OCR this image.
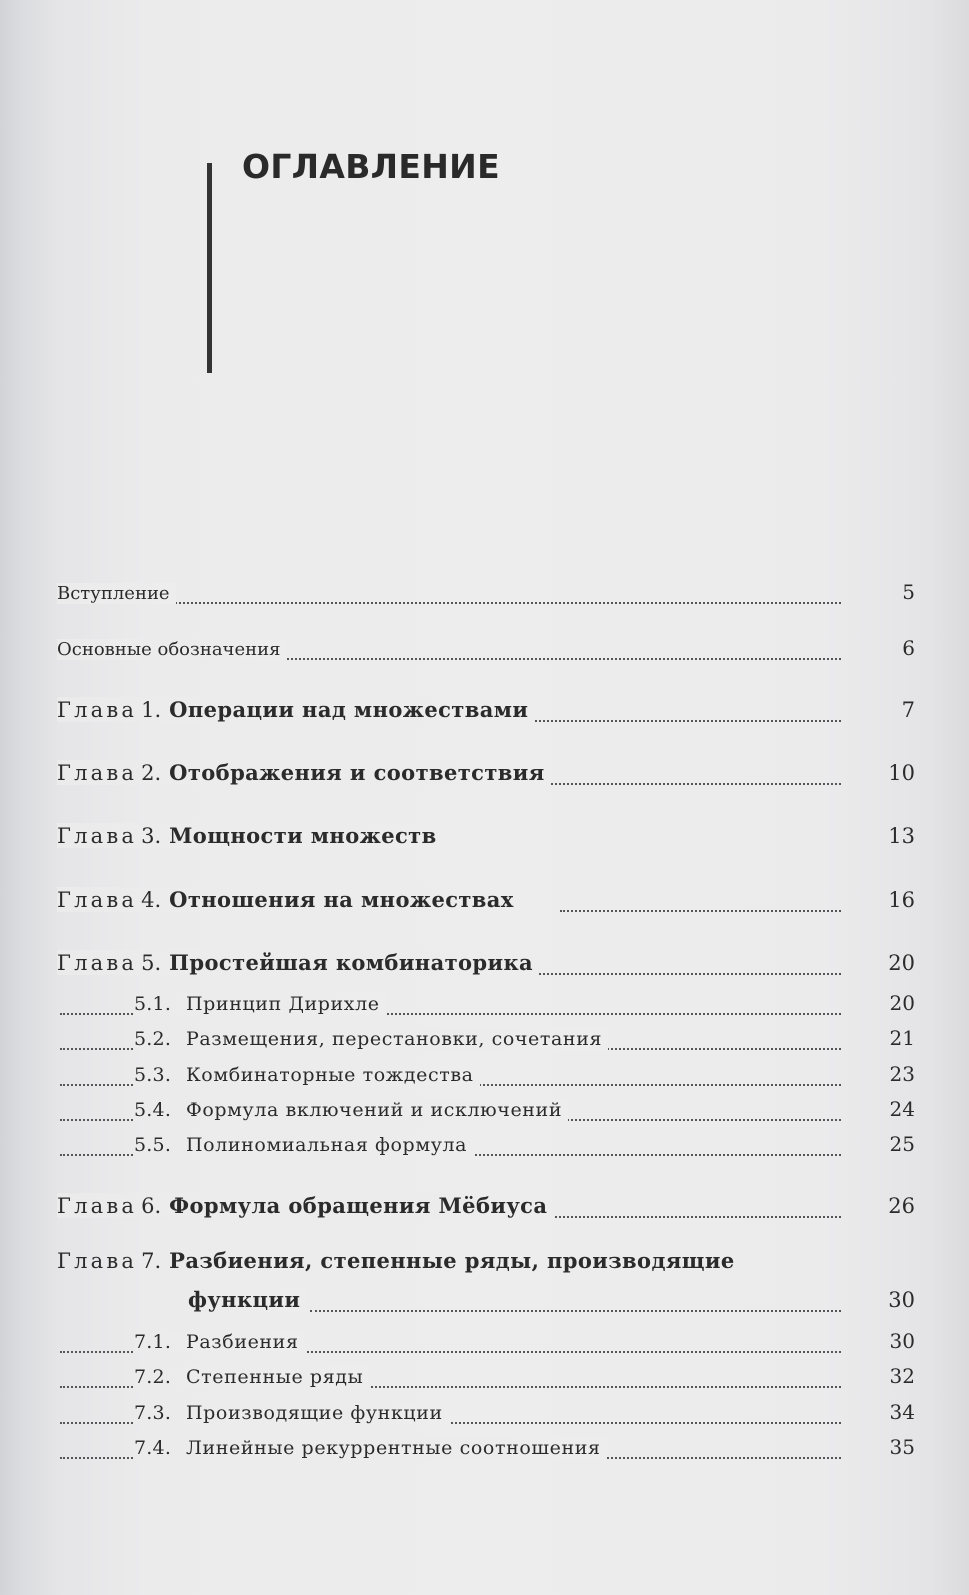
ОГЛАВЛЕНИЕ
Вступление	5
Основные обозначения	6
Глава 1. Операции над множествами	7
Глава 2. Отображения и соответствия	10
Глава 3. Мощности множеств	13
Глава 4. Отношения на множествах	16
Глава 5. Простейшая комбинаторика	20
5.1. Принцип Дирихле	20
5.2. Размещения, перестановки, сочетания	21
5.3. Комбинаторные тождества	23
5.4. Формула включений и исключений	24
5.5. Полиномиальная формула	25
Глава 6. Формула обращения Мёбиуса	26
Глава 7. Разбиения, степенные ряды, производящие
функции	30
7.1. Разбиения	30
7.2. Степенные ряды	32
7.3. Производящие функции	34
7.4. Линейные рекуррентные соотношения	35
